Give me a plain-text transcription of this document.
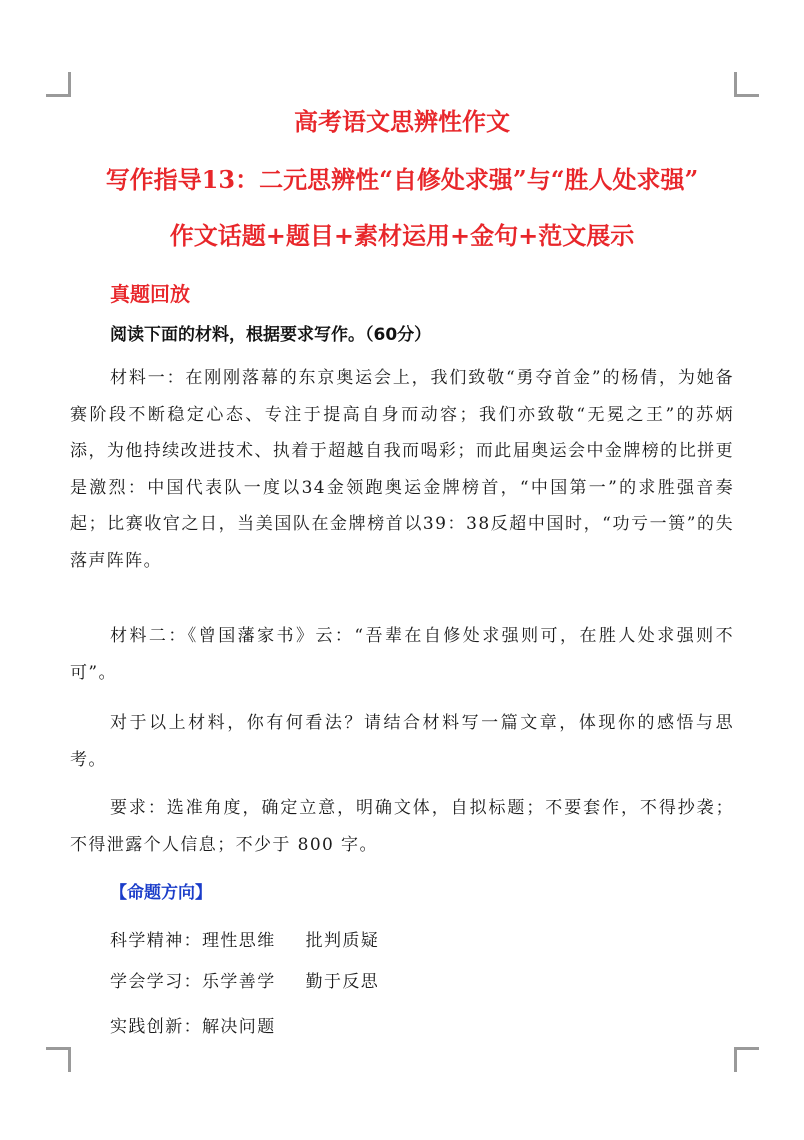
高考语文思辨性作文
写作指导13：二元思辨性“自修处求强”与“胜人处求强”
作文话题+题目+素材运用+金句+范文展示
真题回放
阅读下面的材料，根据要求写作。（60分）
材料一：在刚刚落幕的东京奥运会上，我们致敬“勇夺首金”的杨倩，为她备赛阶段不断稳定心态、专注于提高自身而动容；我们亦致敬“无冕之王”的苏炳添，为他持续改进技术、执着于超越自我而喝彩；而此届奥运会中金牌榜的比拼更是激烈：中国代表队一度以34金领跑奥运金牌榜首，“中国第一”的求胜强音奏起；比赛收官之日，当美国队在金牌榜首以39：38反超中国时，“功亏一篑”的失落声阵阵。
材料二：《曾国藩家书》云：“吾辈在自修处求强则可，在胜人处求强则不可”。
对于以上材料，你有何看法？请结合材料写一篇文章，体现你的感悟与思考。
要求：选准角度，确定立意，明确文体，自拟标题；不要套作，不得抄袭；不得泄露个人信息；不少于 800 字。
【命题方向】
科学精神：理性思维 批判质疑
学会学习：乐学善学 勤于反思
实践创新：解决问题
